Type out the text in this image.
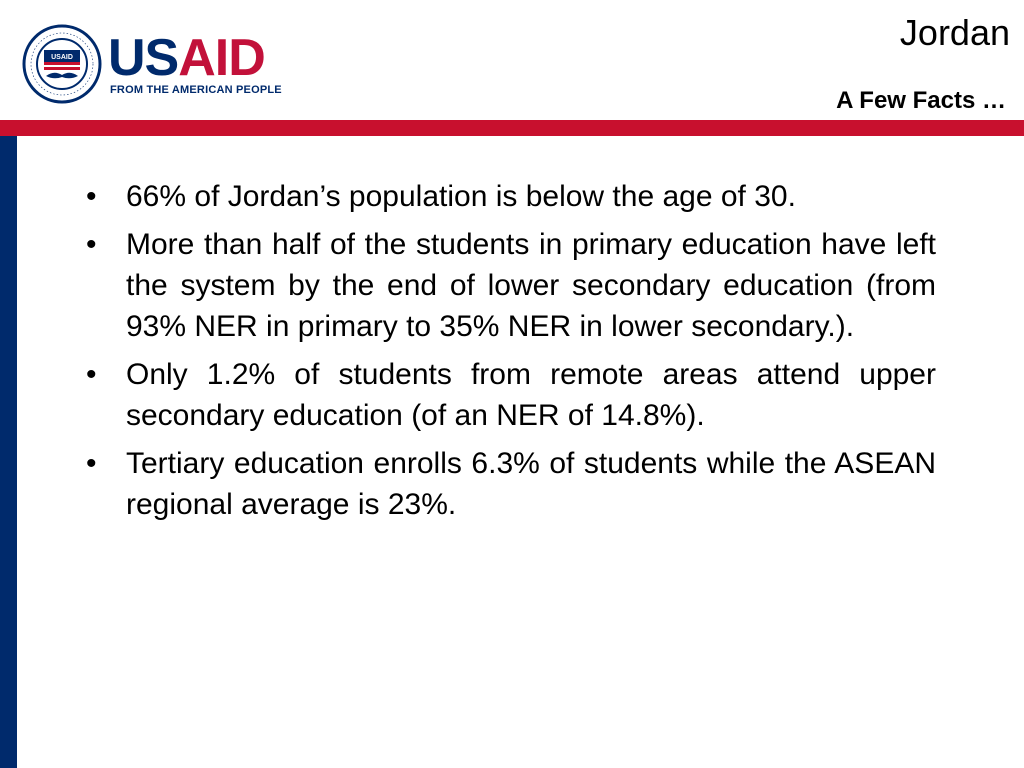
USAID USAID
FROM THE AMERICAN PEOPLE
Jordan
A Few Facts …
• 66% of Jordan’s population is below the age of 30.
• More than half of the students in primary education have left the system by the end of lower secondary education (from 93% NER in primary to 35% NER in lower secondary.).
• Only 1.2% of students from remote areas attend upper secondary education (of an NER of 14.8%).
• Tertiary education enrolls 6.3% of students while the ASEAN regional average is 23%.
